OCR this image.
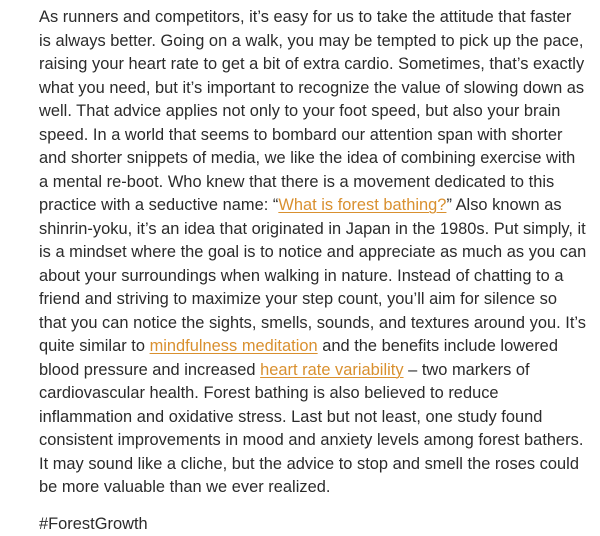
As runners and competitors, it’s easy for us to take the attitude that faster is always better. Going on a walk, you may be tempted to pick up the pace, raising your heart rate to get a bit of extra cardio. Sometimes, that’s exactly what you need, but it’s important to recognize the value of slowing down as well. That advice applies not only to your foot speed, but also your brain speed. In a world that seems to bombard our attention span with shorter and shorter snippets of media, we like the idea of combining exercise with a mental re-boot. Who knew that there is a movement dedicated to this practice with a seductive name: “What is forest bathing?” Also known as shinrin-yoku, it’s an idea that originated in Japan in the 1980s. Put simply, it is a mindset where the goal is to notice and appreciate as much as you can about your surroundings when walking in nature. Instead of chatting to a friend and striving to maximize your step count, you’ll aim for silence so that you can notice the sights, smells, sounds, and textures around you. It’s quite similar to mindfulness meditation and the benefits include lowered blood pressure and increased heart rate variability – two markers of cardiovascular health. Forest bathing is also believed to reduce inflammation and oxidative stress. Last but not least, one study found consistent improvements in mood and anxiety levels among forest bathers. It may sound like a cliche, but the advice to stop and smell the roses could be more valuable than we ever realized.

#ForestGrowth
